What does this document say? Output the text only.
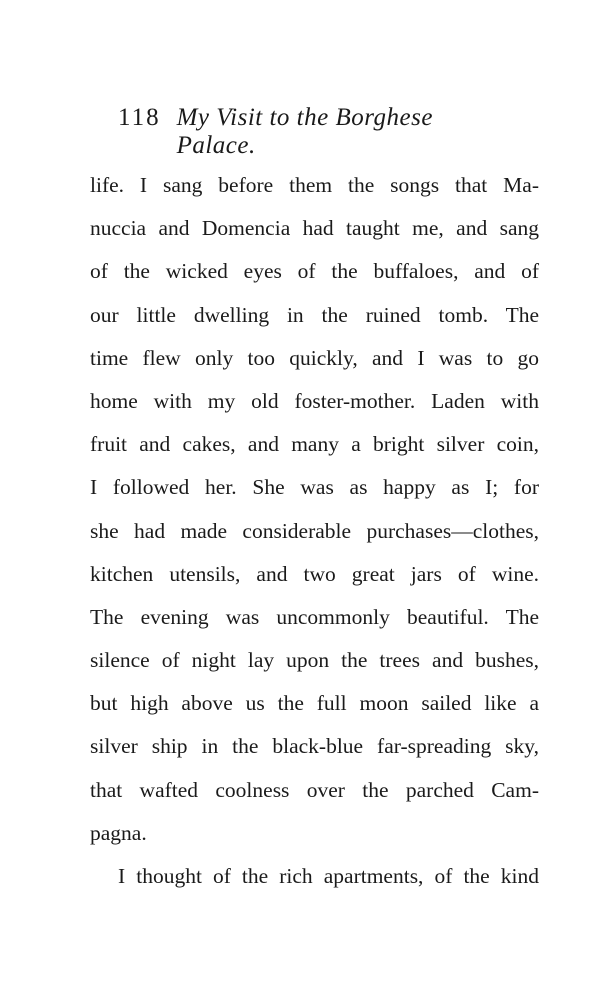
118 My Visit to the Borghese Palace.
life. I sang before them the songs that Ma-
nuccia and Domencia had taught me, and sang
of the wicked eyes of the buffaloes, and of
our little dwelling in the ruined tomb. The
time flew only too quickly, and I was to go
home with my old foster-mother. Laden with
fruit and cakes, and many a bright silver coin,
I followed her. She was as happy as I; for
she had made considerable purchases—clothes,
kitchen utensils, and two great jars of wine.
The evening was uncommonly beautiful. The
silence of night lay upon the trees and bushes,
but high above us the full moon sailed like a
silver ship in the black-blue far-spreading sky,
that wafted coolness over the parched Cam-
pagna.
I thought of the rich apartments, of the kind
